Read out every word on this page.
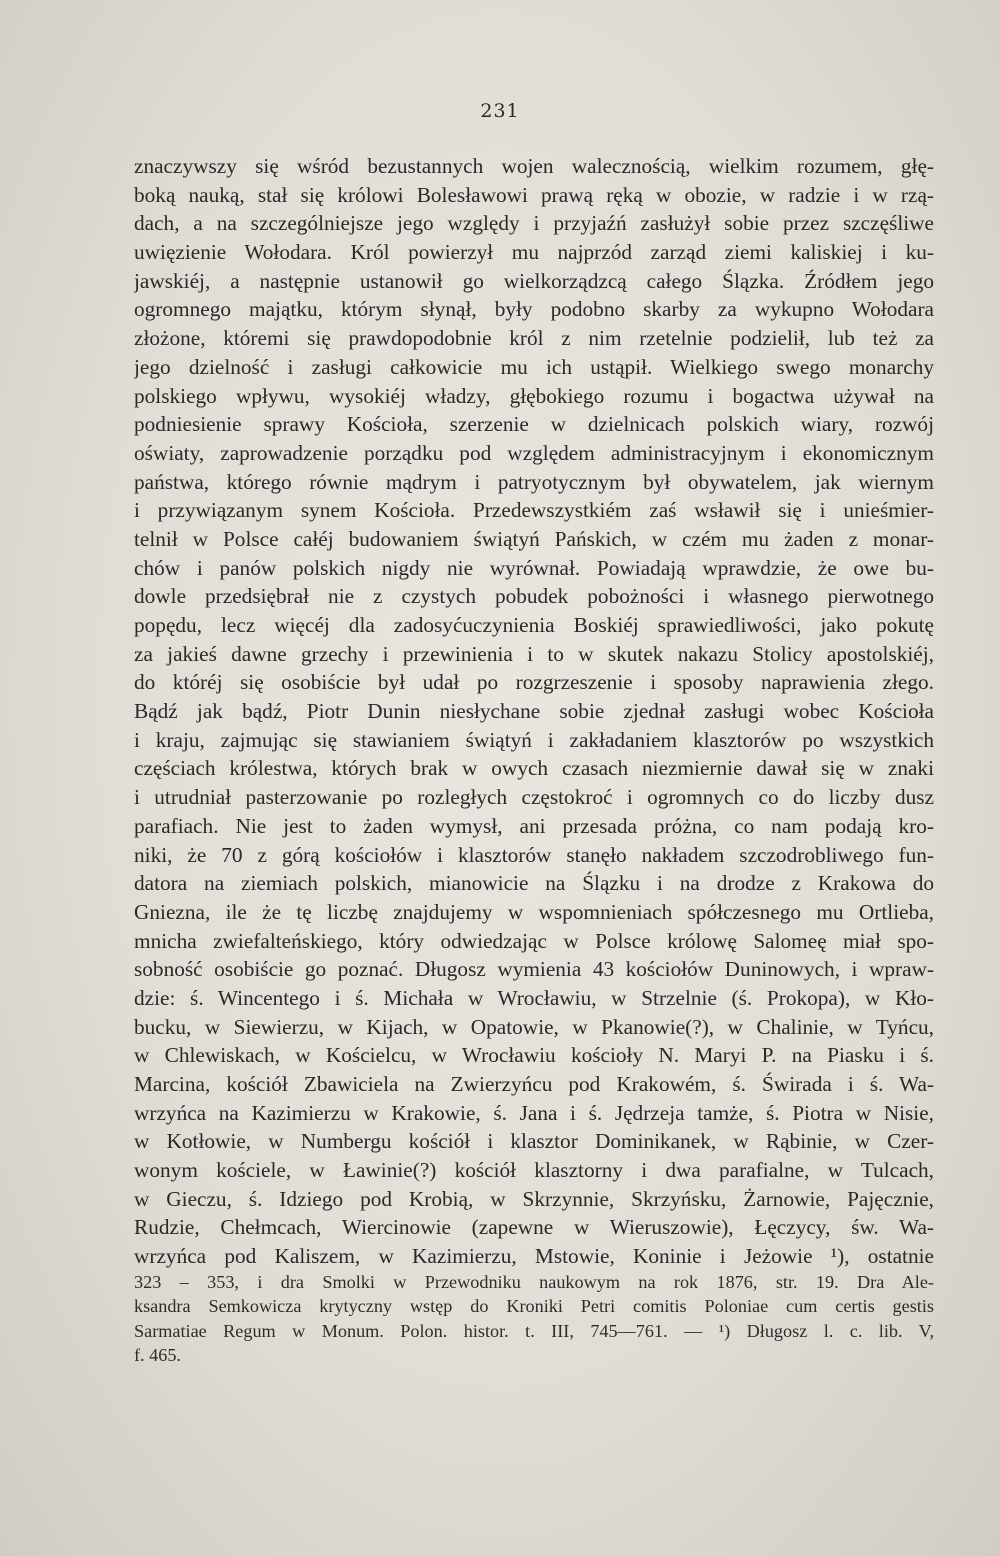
231
znaczywszy się wśród bezustannych wojen walecznością, wielkim rozumem, głę-
boką nauką, stał się królowi Bolesławowi prawą ręką w obozie, w radzie i w rzą-
dach, a na szczególniejsze jego względy i przyjaźń zasłużył sobie przez szczęśliwe
uwięzienie Wołodara. Król powierzył mu najprzód zarząd ziemi kaliskiej i ku-
jawskiéj, a następnie ustanowił go wielkorządzcą całego Ślązka. Źródłem jego
ogromnego majątku, którym słynął, były podobno skarby za wykupno Wołodara
złożone, któremi się prawdopodobnie król z nim rzetelnie podzielił, lub też za
jego dzielność i zasługi całkowicie mu ich ustąpił. Wielkiego swego monarchy
polskiego wpływu, wysokiéj władzy, głębokiego rozumu i bogactwa używał na
podniesienie sprawy Kościoła, szerzenie w dzielnicach polskich wiary, rozwój
oświaty, zaprowadzenie porządku pod względem administracyjnym i ekonomicznym
państwa, którego równie mądrym i patryotycznym był obywatelem, jak wiernym
i przywiązanym synem Kościoła. Przedewszystkiém zaś wsławił się i unieśmier-
telnił w Polsce całéj budowaniem świątyń Pańskich, w czém mu żaden z monar-
chów i panów polskich nigdy nie wyrównał. Powiadają wprawdzie, że owe bu-
dowle przedsiębrał nie z czystych pobudek pobożności i własnego pierwotnego
popędu, lecz więcéj dla zadosyćuczynienia Boskiéj sprawiedliwości, jako pokutę
za jakieś dawne grzechy i przewinienia i to w skutek nakazu Stolicy apostolskiéj,
do któréj się osobiście był udał po rozgrzeszenie i sposoby naprawienia złego.
Bądź jak bądź, Piotr Dunin niesłychane sobie zjednał zasługi wobec Kościoła
i kraju, zajmując się stawianiem świątyń i zakładaniem klasztorów po wszystkich
częściach królestwa, których brak w owych czasach niezmiernie dawał się w znaki
i utrudniał pasterzowanie po rozległych częstokroć i ogromnych co do liczby dusz
parafiach. Nie jest to żaden wymysł, ani przesada próżna, co nam podają kro-
niki, że 70 z górą kościołów i klasztorów stanęło nakładem szczodrobliwego fun-
datora na ziemiach polskich, mianowicie na Ślązku i na drodze z Krakowa do
Gniezna, ile że tę liczbę znajdujemy w wspomnieniach spółczesnego mu Ortlieba,
mnicha zwiefalteńskiego, który odwiedzając w Polsce królowę Salomeę miał spo-
sobność osobiście go poznać. Długosz wymienia 43 kościołów Duninowych, i wpraw-
dzie: ś. Wincentego i ś. Michała w Wrocławiu, w Strzelnie (ś. Prokopa), w Kło-
bucku, w Siewierzu, w Kijach, w Opatowie, w Pkanowie(?), w Chalinie, w Tyńcu,
w Chlewiskach, w Kościelcu, w Wrocławiu kościoły N. Maryi P. na Piasku i ś.
Marcina, kościół Zbawiciela na Zwierzyńcu pod Krakowém, ś. Świrada i ś. Wa-
wrzyńca na Kazimierzu w Krakowie, ś. Jana i ś. Jędrzeja tamże, ś. Piotra w Nisie,
w Kotłowie, w Numbergu kościół i klasztor Dominikanek, w Rąbinie, w Czer-
wonym kościele, w Ławinie(?) kościół klasztorny i dwa parafialne, w Tulcach,
w Gieczu, ś. Idziego pod Krobią, w Skrzynnie, Skrzyńsku, Żarnowie, Pajęcznie,
Rudzie, Chełmcach, Wiercinowie (zapewne w Wieruszowie), Łęczycy, św. Wa-
wrzyńca pod Kaliszem, w Kazimierzu, Mstowie, Koninie i Jeżowie ¹), ostatnie
323 – 353, i dra Smolki w Przewodniku naukowym na rok 1876, str. 19. Dra Ale-
ksandra Semkowicza krytyczny wstęp do Kroniki Petri comitis Poloniae cum certis gestis
Sarmatiae Regum w Monum. Polon. histor. t. III, 745—761. — ¹) Długosz l. c. lib. V,
f. 465.
